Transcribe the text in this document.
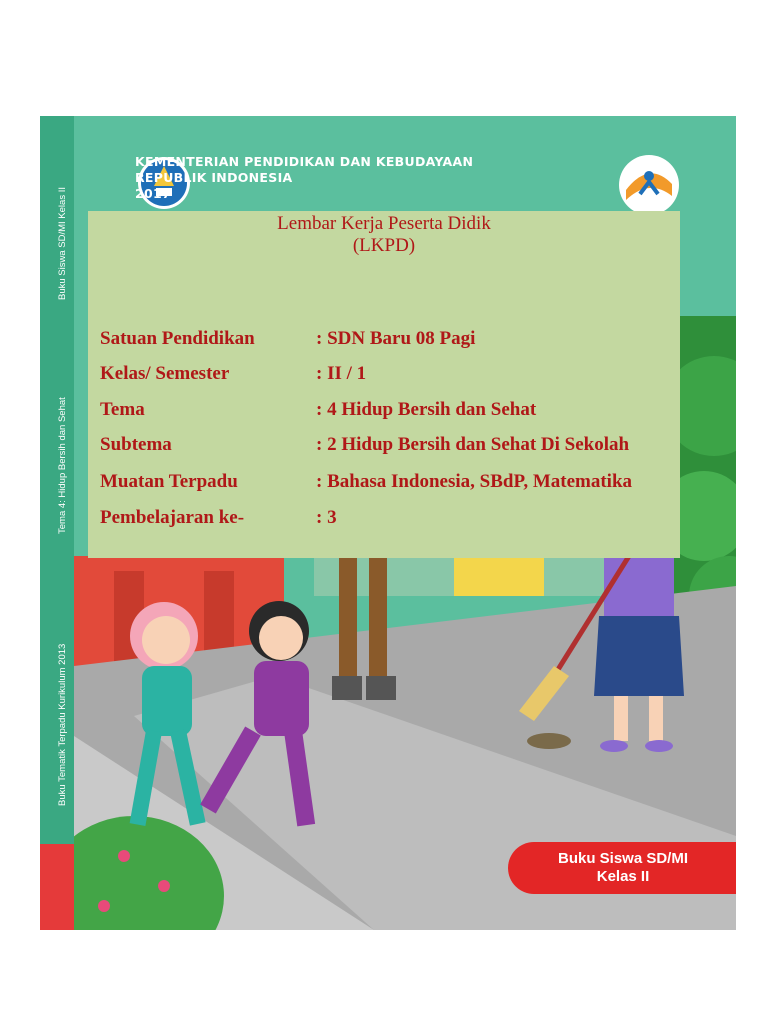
Buku Siswa SD/MI Kelas II
Tema 4: Hidup Bersih dan Sehat
Buku Tematik Terpadu Kurikulum 2013
KEMENTERIAN PENDIDIKAN DAN KEBUDAYAAN
REPUBLIK INDONESIA
2017
Lembar Kerja Peserta Didik
(LKPD)
Satuan Pendidikan	: SDN Baru 08 Pagi
Kelas/ Semester	: II / 1
Tema	: 4 Hidup Bersih dan Sehat
Subtema	: 2 Hidup Bersih dan Sehat Di Sekolah
Muatan Terpadu	: Bahasa Indonesia, SBdP, Matematika
Pembelajaran ke-	: 3
Buku Siswa SD/MI
Kelas II
